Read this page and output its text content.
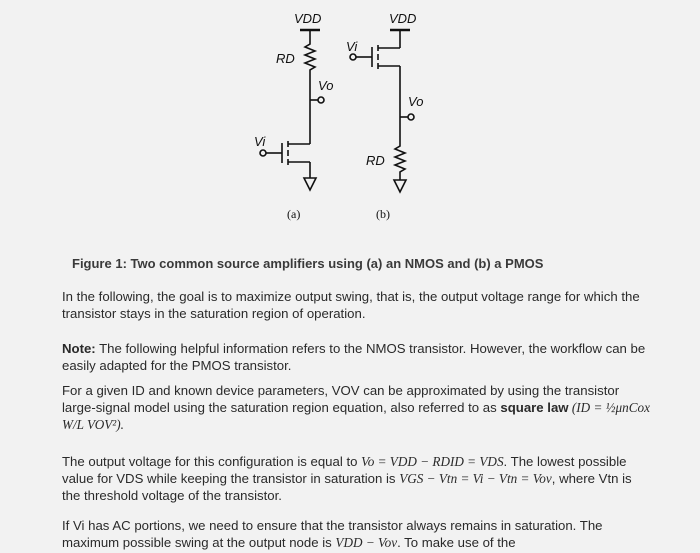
VDD	VDD
RD
RD
Vi
Vi
Vo
Vo
(a)	(b)
Figure 1: Two common source amplifiers using (a) an NMOS and (b) a PMOS
In the following, the goal is to maximize output swing, that is, the output voltage range for which the transistor stays in the saturation region of operation.
Note: The following helpful information refers to the NMOS transistor. However, the workflow can be easily adapted for the PMOS transistor.
For a given ID and known device parameters, VOV can be approximated by using the transistor large-signal model using the saturation region equation, also referred to as square law (ID = ½μnCox W/L VOV²).
The output voltage for this configuration is equal to Vo = VDD − RDID = VDS. The lowest possible value for VDS while keeping the transistor in saturation is VGS − Vtn = Vi − Vtn = Vov, where Vtn is the threshold voltage of the transistor.
If Vi has AC portions, we need to ensure that the transistor always remains in saturation. The maximum possible swing at the output node is VDD − Vov. To make use of the
